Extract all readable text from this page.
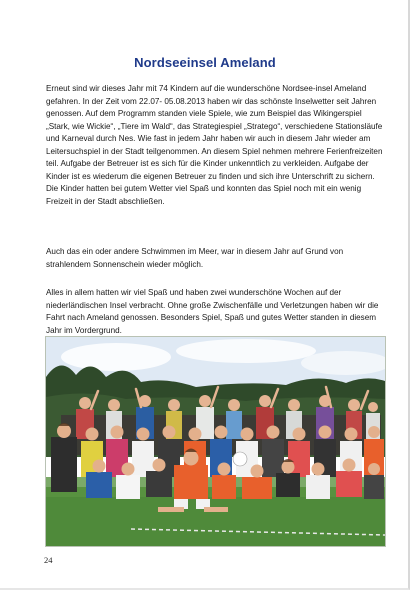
Nordseeinsel Ameland

Erneut sind wir dieses Jahr mit 74 Kindern auf die wunderschöne Nordsee-insel Ameland gefahren. In der Zeit vom 22.07- 05.08.2013 haben wir das schönste Inselwetter seit Jahren genossen. Auf dem Programm standen viele Spiele, wie zum Beispiel das Wikingerspiel „Stark, wie Wickie“, „Tiere im Wald“, das Strategiespiel „Stratego“, verschiedene Stationsläufe und Karneval durch Nes. Wie fast in jedem Jahr haben wir auch in diesem Jahr wieder am Leitersuchspiel in der Stadt teilgenommen. An diesem Spiel nehmen mehrere Ferienfreizeiten teil. Aufgabe der Betreuer ist es sich für die Kinder unkenntlich zu verkleiden. Aufgabe der Kinder ist es wiederum die eigenen Betreuer zu finden und sich ihre Unterschrift zu sichern. Die Kinder hatten bei gutem Wetter viel Spaß und konnten das Spiel noch mit ein wenig Freizeit in der Stadt abschließen.

Auch das ein oder andere Schwimmen im Meer, war in diesem Jahr auf Grund von strahlendem Sonnenschein wieder möglich.

Alles in allem hatten wir viel Spaß und haben zwei wunderschöne Wochen auf der niederländischen Insel verbracht. Ohne große Zwischenfälle und Verletzungen haben wir die Fahrt nach Ameland genossen. Besonders Spiel, Spaß und gutes Wetter standen in diesem Jahr im Vordergrund.

24
